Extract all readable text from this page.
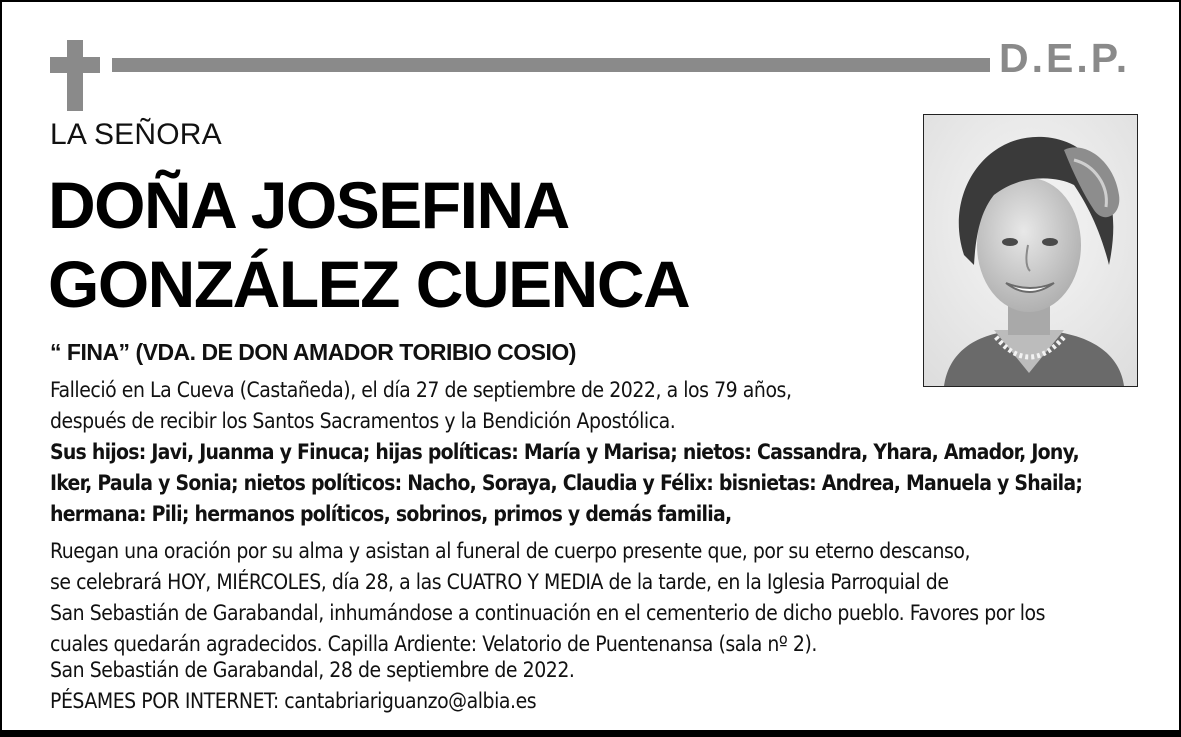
D.E.P.
LA SEÑORA
DOÑA JOSEFINA
GONZÁLEZ CUENCA
“ FINA” (VDA. DE DON AMADOR TORIBIO COSIO)
Falleció en La Cueva (Castañeda), el día 27 de septiembre de 2022, a los 79 años,
después de recibir los Santos Sacramentos y la Bendición Apostólica.
Sus hijos: Javi, Juanma y Finuca; hijas políticas: María y Marisa; nietos: Cassandra, Yhara, Amador, Jony,
Iker, Paula y Sonia; nietos políticos: Nacho, Soraya, Claudia y Félix: bisnietas: Andrea, Manuela y Shaila;
hermana: Pili; hermanos políticos, sobrinos, primos y demás familia,
Ruegan una oración por su alma y asistan al funeral de cuerpo presente que, por su eterno descanso,
se celebrará HOY, MIÉRCOLES, día 28, a las CUATRO Y MEDIA de la tarde, en la Iglesia Parroquial de
San Sebastián de Garabandal, inhumándose a continuación en el cementerio de dicho pueblo. Favores por los
cuales quedarán agradecidos. Capilla Ardiente: Velatorio de Puentenansa (sala nº 2).
San Sebastián de Garabandal, 28 de septiembre de 2022.
PÉSAMES POR INTERNET: cantabriariguanzo@albia.es
